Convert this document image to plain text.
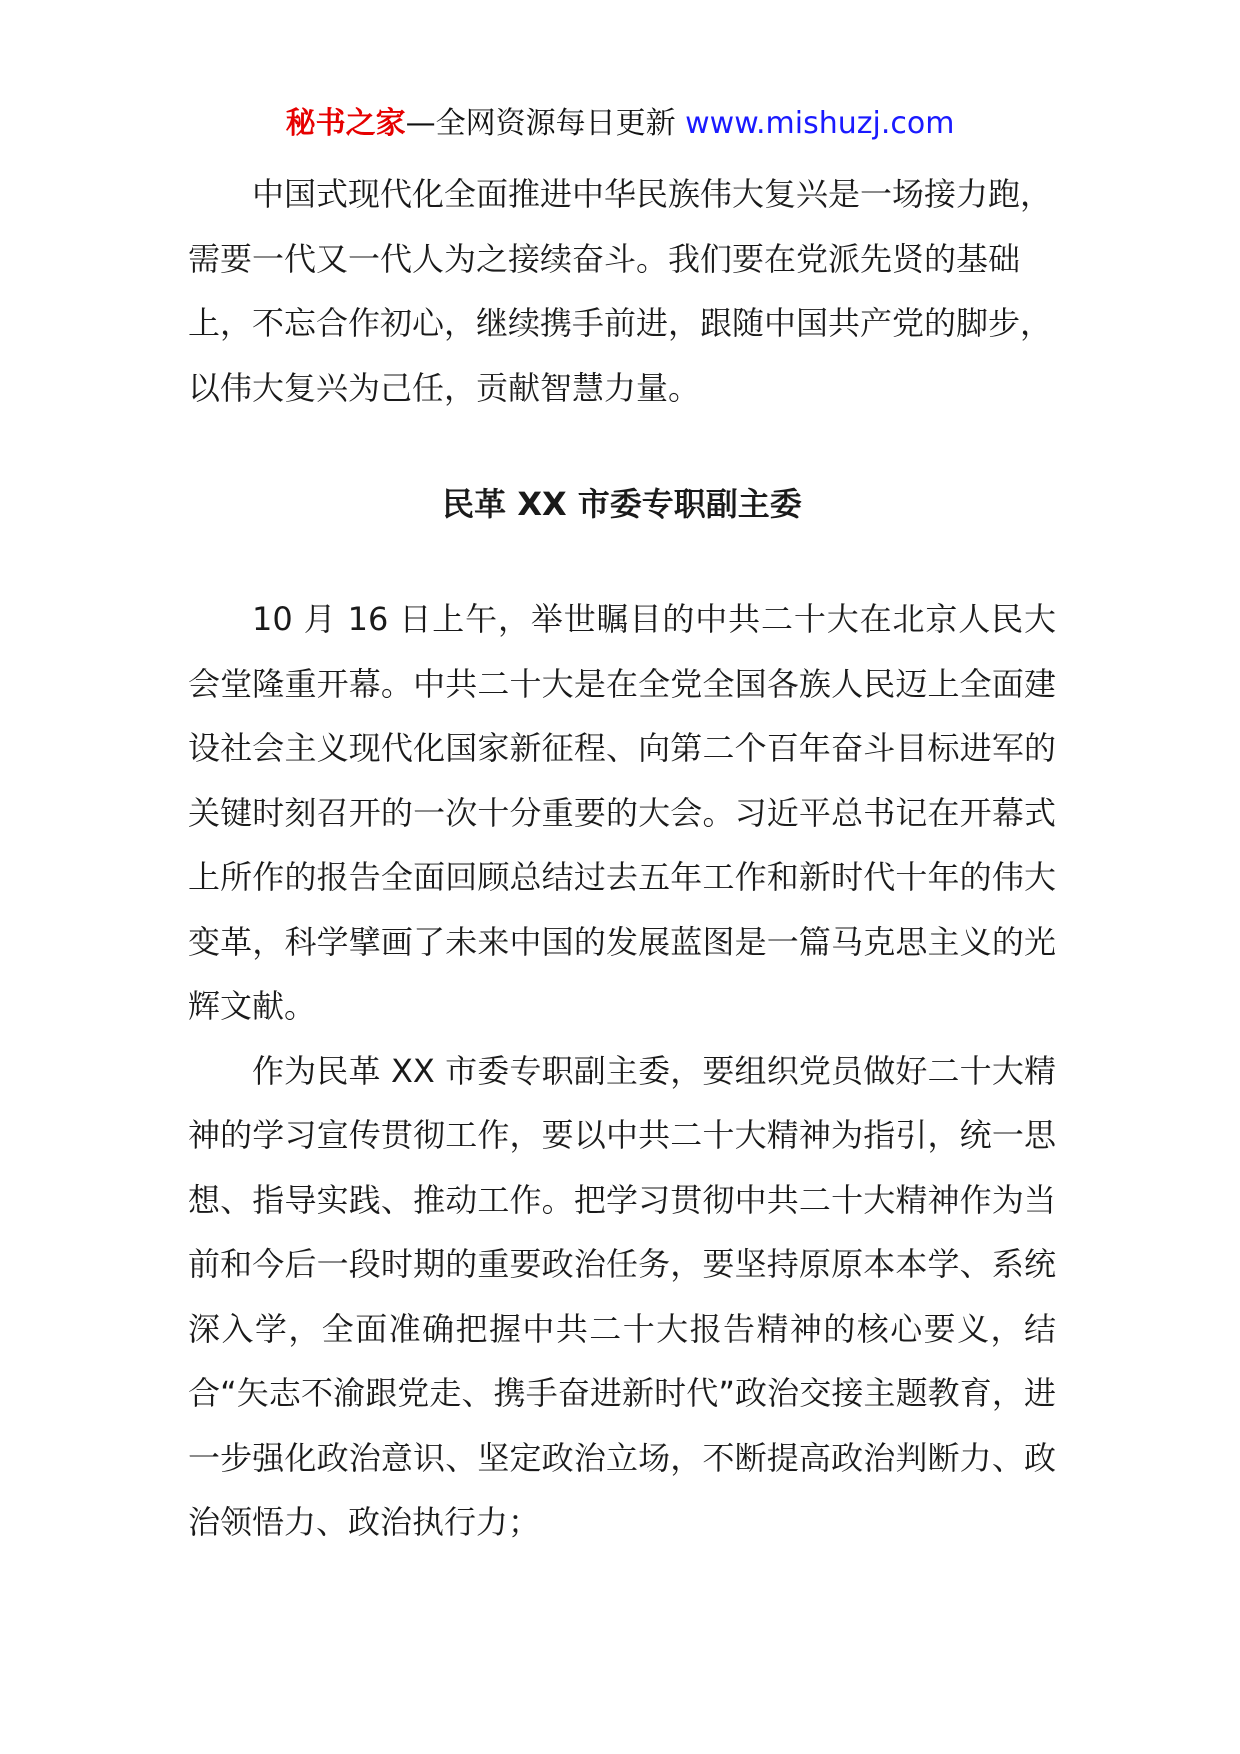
秘书之家—全网资源每日更新 www.mishuzj.com

中国式现代化全面推进中华民族伟大复兴是一场接力跑，需要一代又一代人为之接续奋斗。我们要在党派先贤的基础上，不忘合作初心，继续携手前进，跟随中国共产党的脚步，以伟大复兴为己任，贡献智慧力量。

民革 XX 市委专职副主委

10 月 16 日上午，举世瞩目的中共二十大在北京人民大会堂隆重开幕。中共二十大是在全党全国各族人民迈上全面建设社会主义现代化国家新征程、向第二个百年奋斗目标进军的关键时刻召开的一次十分重要的大会。习近平总书记在开幕式上所作的报告全面回顾总结过去五年工作和新时代十年的伟大变革，科学擘画了未来中国的发展蓝图是一篇马克思主义的光辉文献。

作为民革 XX 市委专职副主委，要组织党员做好二十大精神的学习宣传贯彻工作，要以中共二十大精神为指引，统一思想、指导实践、推动工作。把学习贯彻中共二十大精神作为当前和今后一段时期的重要政治任务，要坚持原原本本学、系统深入学，全面准确把握中共二十大报告精神的核心要义，结合“矢志不渝跟党走、携手奋进新时代”政治交接主题教育，进一步强化政治意识、坚定政治立场，不断提高政治判断力、政治领悟力、政治执行力；
